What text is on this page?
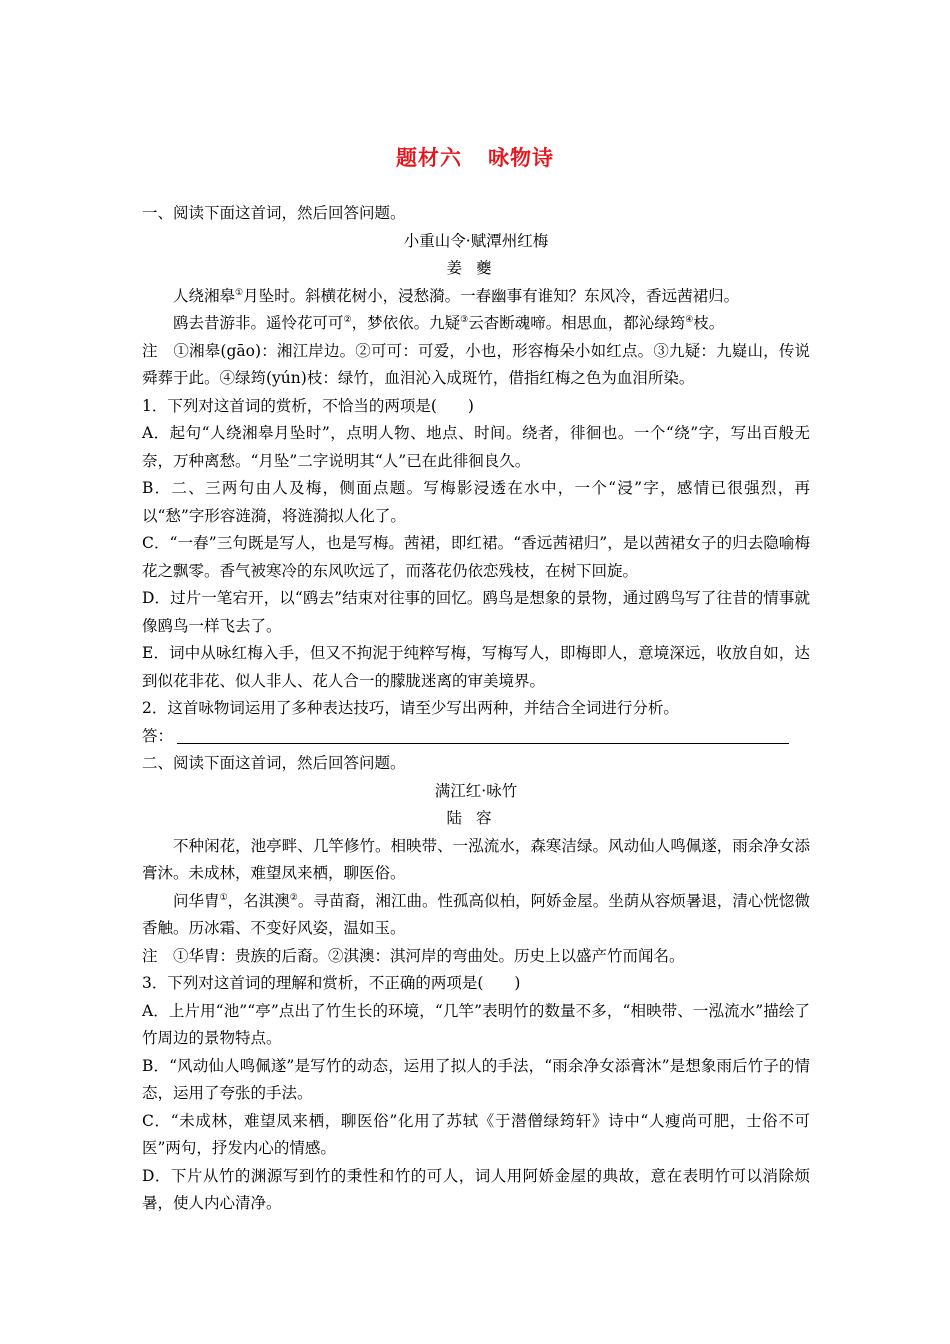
题材六 咏物诗

一、阅读下面这首词，然后回答问题。

小重山令·赋潭州红梅

姜夔

人绕湘皋①月坠时。斜横花树小，浸愁漪。一春幽事有谁知？东风冷，香远茜裙归。

鸥去昔游非。遥怜花可可②，梦依依。九疑③云杳断魂啼。相思血，都沁绿筠④枝。

注　①湘皋(gāo)：湘江岸边。②可可：可爱，小也，形容梅朵小如红点。③九疑：九嶷山，传说舜葬于此。④绿筠(yún)枝：绿竹，血泪沁入成斑竹，借指红梅之色为血泪所染。

1．下列对这首词的赏析，不恰当的两项是(　　)

A．起句“人绕湘皋月坠时”，点明人物、地点、时间。绕者，徘徊也。一个“绕”字，写出百般无奈，万种离愁。“月坠”二字说明其“人”已在此徘徊良久。

B．二、三两句由人及梅，侧面点题。写梅影浸透在水中，一个“浸”字，感情已很强烈，再以“愁”字形容涟漪，将涟漪拟人化了。

C．“一春”三句既是写人，也是写梅。茜裙，即红裙。“香远茜裙归”，是以茜裙女子的归去隐喻梅花之飘零。香气被寒冷的东风吹远了，而落花仍依恋残枝，在树下回旋。

D．过片一笔宕开，以“鸥去”结束对往事的回忆。鸥鸟是想象的景物，通过鸥鸟写了往昔的情事就像鸥鸟一样飞去了。

E．词中从咏红梅入手，但又不拘泥于纯粹写梅，写梅写人，即梅即人，意境深远，收放自如，达到似花非花、似人非人、花人合一的朦胧迷离的审美境界。

2．这首咏物词运用了多种表达技巧，请至少写出两种，并结合全词进行分析。

答：

二、阅读下面这首词，然后回答问题。

满江红·咏竹

陆容

不种闲花，池亭畔、几竿修竹。相映带、一泓流水，森寒洁绿。风动仙人鸣佩遂，雨余净女添膏沐。未成林，难望凤来栖，聊医俗。

问华胄①，名淇澳②。寻苗裔，湘江曲。性孤高似柏，阿娇金屋。坐荫从容烦暑退，清心恍惚微香触。历冰霜、不变好风姿，温如玉。

注　①华胄：贵族的后裔。②淇澳：淇河岸的弯曲处。历史上以盛产竹而闻名。

3．下列对这首词的理解和赏析，不正确的两项是(　　)

A．上片用“池”“亭”点出了竹生长的环境，“几竿”表明竹的数量不多，“相映带、一泓流水”描绘了竹周边的景物特点。

B．“风动仙人鸣佩遂”是写竹的动态，运用了拟人的手法，“雨余净女添膏沐”是想象雨后竹子的情态，运用了夸张的手法。

C．“未成林，难望凤来栖，聊医俗”化用了苏轼《于潜僧绿筠轩》诗中“人瘦尚可肥，士俗不可医”两句，抒发内心的情感。

D．下片从竹的渊源写到竹的秉性和竹的可人，词人用阿娇金屋的典故，意在表明竹可以消除烦暑，使人内心清净。
